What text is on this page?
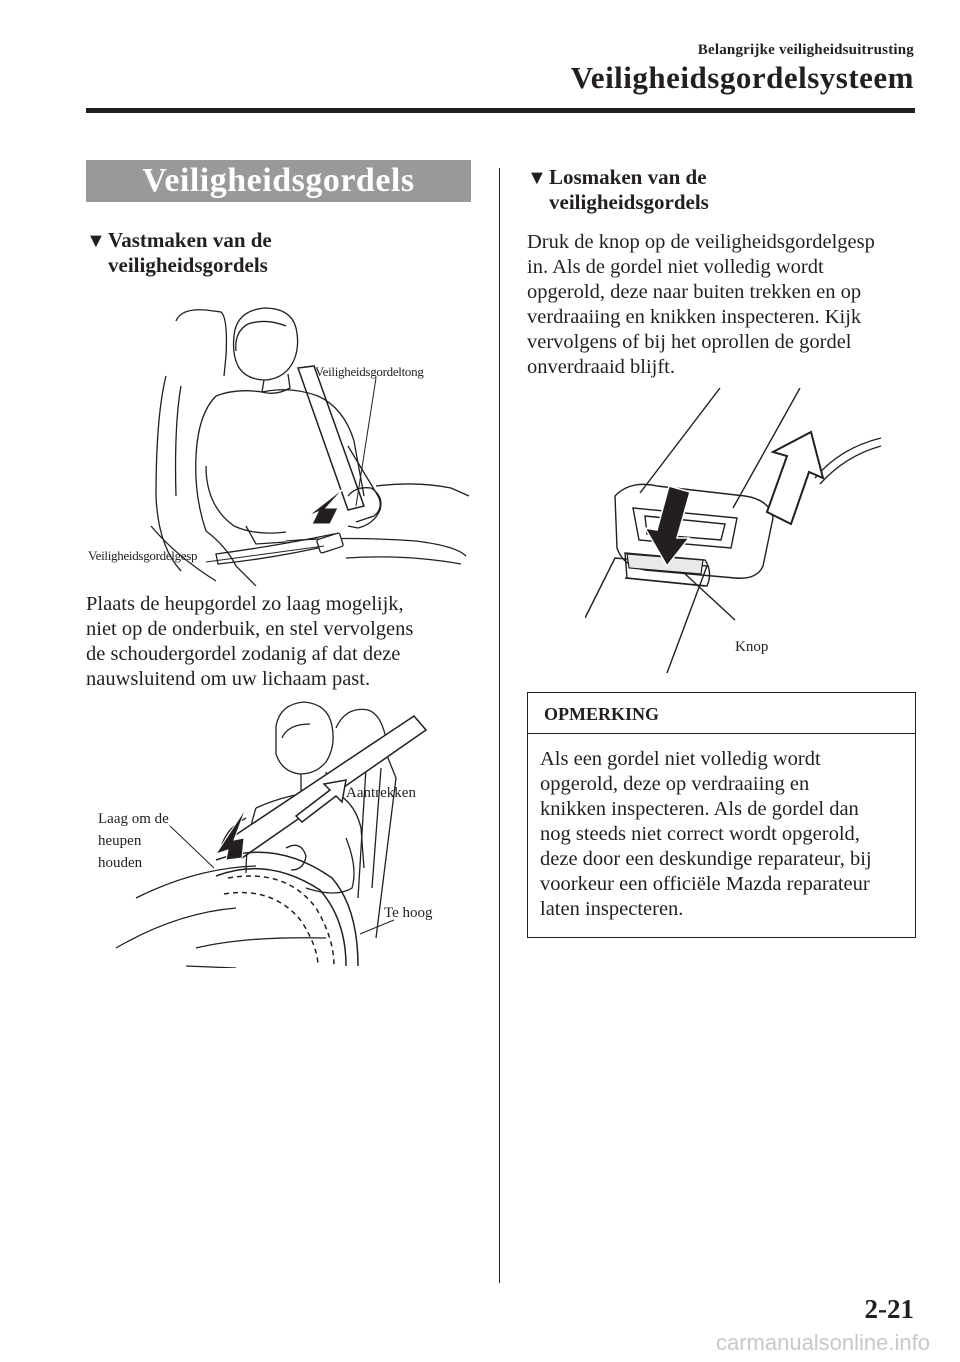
Belangrijke veiligheidsuitrusting
Veiligheidsgordelsysteem
Veiligheidsgordels
▼ Vastmaken van de
veiligheidsgordels
Veiligheidsgordeltong
Veiligheidsgordelgesp
Plaats de heupgordel zo laag mogelijk,
niet op de onderbuik, en stel vervolgens
de schoudergordel zodanig af dat deze
nauwsluitend om uw lichaam past.
Aantrekken
Laag om de
heupen
houden
Te hoog
▼ Losmaken van de
veiligheidsgordels
Druk de knop op de veiligheidsgordelgesp
in. Als de gordel niet volledig wordt
opgerold, deze naar buiten trekken en op
verdraaiing en knikken inspecteren. Kijk
vervolgens of bij het oprollen de gordel
onverdraaid blijft.
Knop
OPMERKING
Als een gordel niet volledig wordt
opgerold, deze op verdraaiing en
knikken inspecteren. Als de gordel dan
nog steeds niet correct wordt opgerold,
deze door een deskundige reparateur, bij
voorkeur een officiële Mazda reparateur
laten inspecteren.
2-21
carmanualsonline.info
